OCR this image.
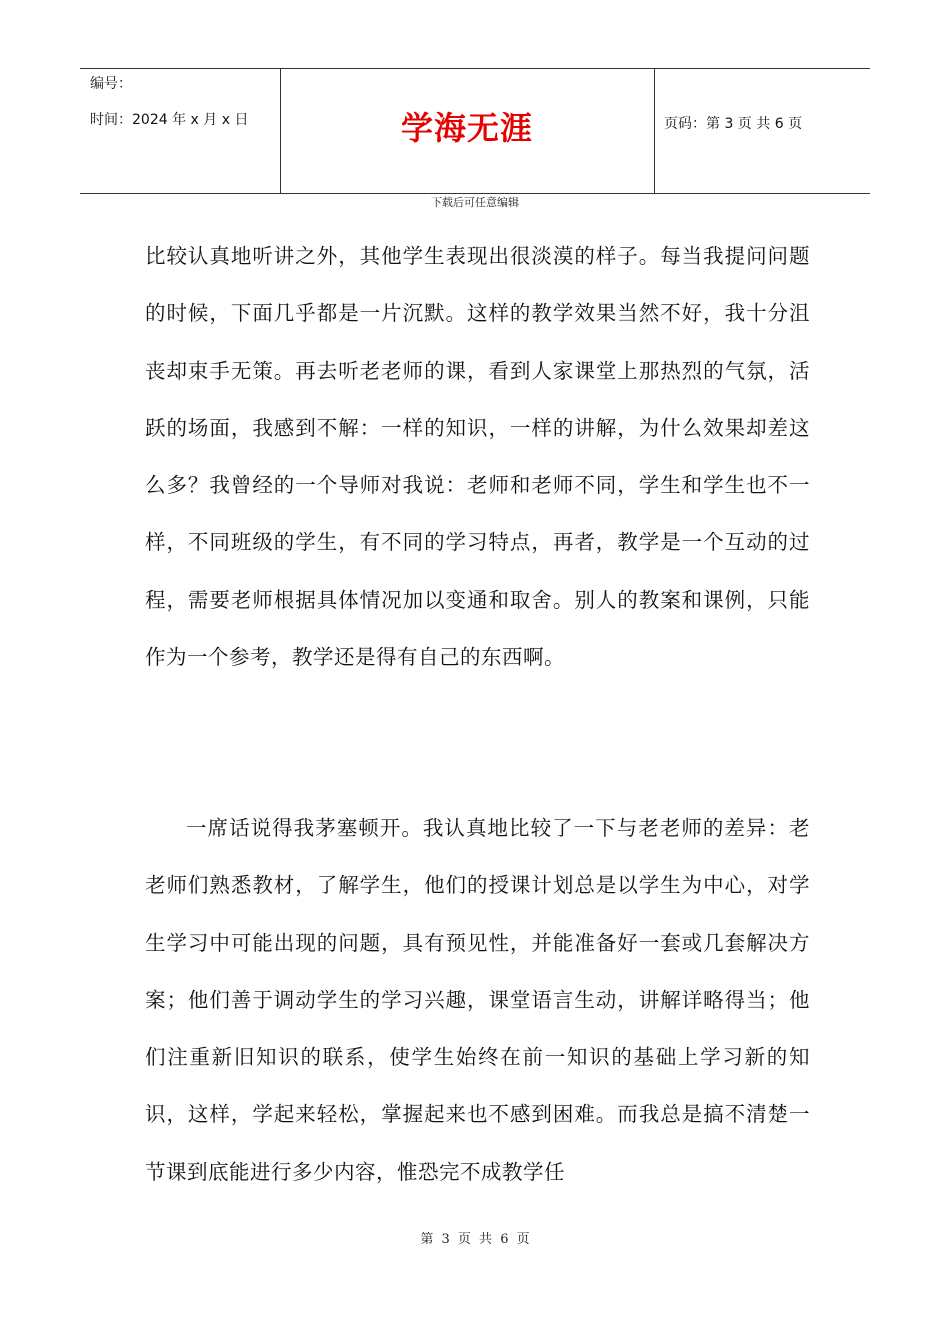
编号：
时间：2024 年 x 月 x 日	学海无涯	页码：第 3 页 共 6 页
下载后可任意编辑

比较认真地听讲之外，其他学生表现出很淡漠的样子。每当我提问问题的时候，下面几乎都是一片沉默。这样的教学效果当然不好，我十分沮丧却束手无策。再去听老老师的课，看到人家课堂上那热烈的气氛，活跃的场面，我感到不解：一样的知识，一样的讲解，为什么效果却差这么多？我曾经的一个导师对我说：老师和老师不同，学生和学生也不一样，不同班级的学生，有不同的学习特点，再者，教学是一个互动的过程，需要老师根据具体情况加以变通和取舍。别人的教案和课例，只能作为一个参考，教学还是得有自己的东西啊。

一席话说得我茅塞顿开。我认真地比较了一下与老老师的差异：老老师们熟悉教材，了解学生，他们的授课计划总是以学生为中心，对学生学习中可能出现的问题，具有预见性，并能准备好一套或几套解决方案；他们善于调动学生的学习兴趣，课堂语言生动，讲解详略得当；他们注重新旧知识的联系，使学生始终在前一知识的基础上学习新的知识，这样，学起来轻松，掌握起来也不感到困难。而我总是搞不清楚一节课到底能进行多少内容，惟恐完不成教学任

第 3 页 共 6 页
